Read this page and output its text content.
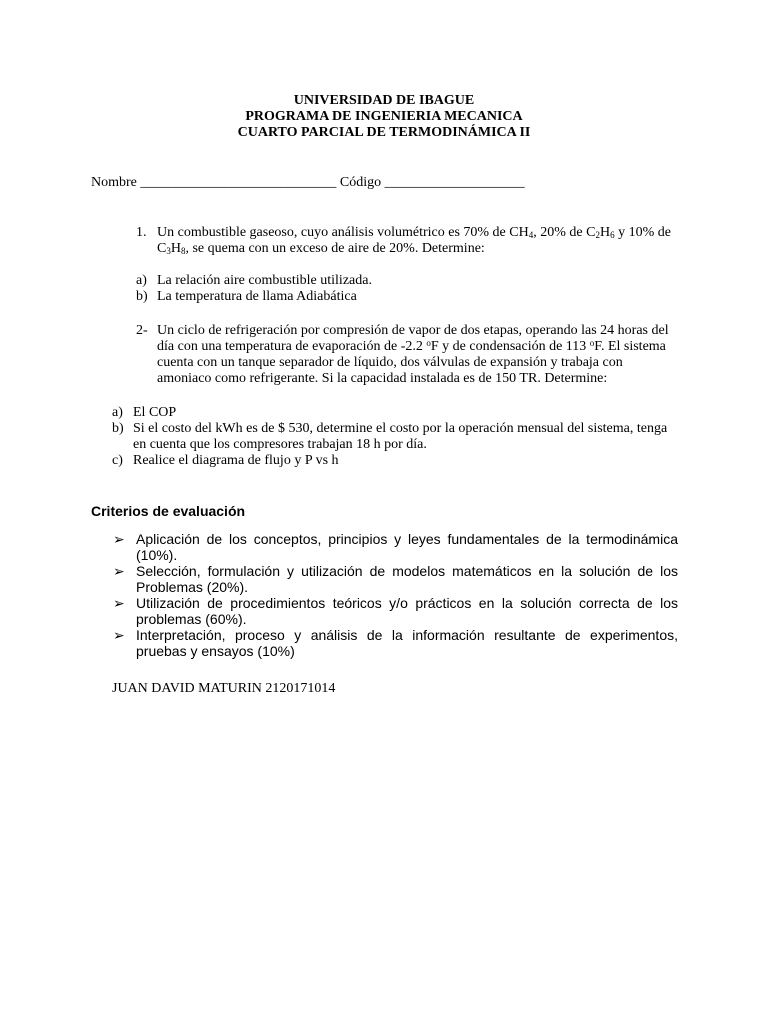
UNIVERSIDAD DE IBAGUE
PROGRAMA DE INGENIERIA MECANICA
CUARTO PARCIAL DE TERMODINÁMICA II
Nombre ____________________________ Código ____________________
1. Un combustible gaseoso, cuyo análisis volumétrico es 70% de $CH_4$, 20% de $C_2H_6$ y 10% de $C_3H_8$, se quema con un exceso de aire de 20%. Determine:
a) La relación aire combustible utilizada.
b) La temperatura de llama Adiabática
2- Un ciclo de refrigeración por compresión de vapor de dos etapas, operando las 24 horas del día con una temperatura de evaporación de -2.2 $^o$F y de condensación de 113 $^o$F. El sistema cuenta con un tanque separador de líquido, dos válvulas de expansión y trabaja con amoniaco como refrigerante. Si la capacidad instalada es de 150 TR. Determine:
a) El COP
b) Si el costo del kWh es de $ 530, determine el costo por la operación mensual del sistema, tenga en cuenta que los compresores trabajan 18 h por día.
c) Realice el diagrama de flujo y P vs h
Criterios de evaluación
➢ Aplicación de los conceptos, principios y leyes fundamentales de la termodinámica (10%).
➢ Selección, formulación y utilización de modelos matemáticos en la solución de los Problemas (20%).
➢ Utilización de procedimientos teóricos y/o prácticos en la solución correcta de los problemas (60%).
➢ Interpretación, proceso y análisis de la información resultante de experimentos, pruebas y ensayos (10%)
JUAN DAVID MATURIN 2120171014
